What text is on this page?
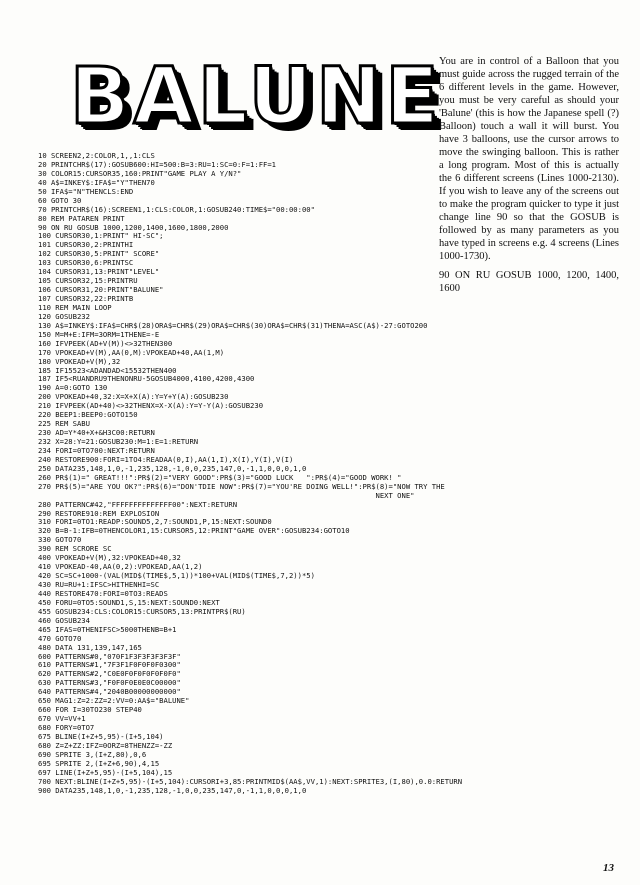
BALUNE

You are in control of a Balloon that you must guide across the rugged terrain of the 6 different levels in the game. However, you must be very careful as should your 'Balune' (this is how the Japanese spell (?) Balloon) touch a wall it will burst. You have 3 balloons, use the cursor arrows to move the swinging balloon. This is rather a long program. Most of this is actually the 6 different screens (Lines 1000-2130). If you wish to leave any of the screens out to make the program quicker to type it just change line 90 so that the GOSUB is followed by as many parameters as you have typed in screens e.g. 4 screens (Lines 1000-1730).

90 ON RU GOSUB 1000, 1200, 1400, 1600

10 SCREEN2,2:COLOR,1,,1:CLS
20 PRINTCHR$(17):GOSUB600:HI=500:B=3:RU=1:SC=0:F=1:FF=1
30 COLOR15:CURSOR35,160:PRINT"GAME PLAY A Y/N?"
40 A$=INKEY$:IFA$="Y"THEN70
50 IFA$="N"THENCLS:END
60 GOTO 30
70 PRINTCHR$(16):SCREEN1,1:CLS:COLOR,1:GOSUB240:TIME$="00:00:00"
80 REM PATAREN PRINT
90 ON RU GOSUB 1000,1200,1400,1600,1800,2000
100 CURSOR30,1:PRINT" HI-SC";
101 CURSOR30,2:PRINTHI
102 CURSOR30,5:PRINT" SCORE"
103 CURSOR30,6:PRINTSC
104 CURSOR31,13:PRINT"LEVEL"
105 CURSOR32,15:PRINTRU
106 CURSOR31,20:PRINT"BALUNE"
107 CURSOR32,22:PRINTB
110 REM MAIN LOOP
120 GOSUB232
130 A$=INKEY$:IFA$=CHR$(28)ORA$=CHR$(29)ORA$=CHR$(30)ORA$=CHR$(31)THENA=ASC(A$)-27:GOTO200
150 M=M+E:IFM=3ORM=1THENE=-E
160 IFVPEEK(AD+V(M))<>32THEN300
170 VPOKEAD+V(M),AA(0,M):VPOKEAD+40,AA(1,M)
180 VPOKEAD+V(M),32
185 IF15523<ADANDAD<15532THEN400
187 IF5<RUANDRU9THENONRU-5GOSUB4000,4100,4200,4300
190 A=0:GOTO 130
200 VPOKEAD+40,32:X=X+X(A):Y=Y+Y(A):GOSUB230
210 IFVPEEK(AD+40)<>32THENX=X-X(A):Y=Y-Y(A):GOSUB230
220 BEEP1:BEEP0:GOTO150
225 REM SABU
230 AD=Y*40+X+&H3C00:RETURN
232 X=28:Y=21:GOSUB230:M=1:E=1:RETURN
234 FORI=0TO700:NEXT:RETURN
240 RESTORE900:FORI=1TO4:READAA(0,I),AA(1,I),X(I),Y(I),V(I)
250 DATA235,148,1,0,-1,235,128,-1,0,0,235,147,0,-1,1,0,0,0,1,0
260 PR$(1)=" GREAT!!!":PR$(2)="VERY GOOD":PR$(3)="GOOD LUCK   ":PR$(4)="GOOD WORK! "
270 PR$(5)="ARE YOU OK?":PR$(6)="DON'TDIE NOW":PR$(7)="YOU'RE DOING WELL!":PR$(8)="NOW TRY THE
NEXT ONE"
280 PATTERNC#42,"FFFFFFFFFFFFFF00":NEXT:RETURN
290 RESTORE910:REM EXPLOSION
310 FORI=0TO1:READP:SOUND5,2,7:SOUND1,P,15:NEXT:SOUND0
320 B=B-1:IFB=0THENCOLOR1,15:CURSOR5,12:PRINT"GAME OVER":GOSUB234:GOTO10
330 GOTO70
390 REM SCRORE SC
400 VPOKEAD+V(M),32:VPOKEAD+40,32
410 VPOKEAD-40,AA(0,2):VPOKEAD,AA(1,2)
420 SC=SC+1000-(VAL(MID$(TIME$,5,1))*100+VAL(MID$(TIME$,7,2))*5)
430 RU=RU+1:IFSC>HITHENHI=SC
440 RESTORE470:FORI=0TO3:READS
450 FORU=0TO5:SOUND1,S,15:NEXT:SOUND0:NEXT
455 GOSUB234:CLS:COLOR15:CURSOR5,13:PRINTPR$(RU)
460 GOSUB234
465 IFAS=0THENIFSC>5000THENB=B+1
470 GOTO70
480 DATA 131,139,147,165
600 PATTERNS#0,"070F1F3F3F3F3F3F"
610 PATTERNS#1,"7F3F1F0F0F0F0300"
620 PATTERNS#2,"C0E0F0F0F0F0F0F0"
630 PATTERNS#3,"F0F0F0E0E0C00000"
640 PATTERNS#4,"2040B00000000000"
650 MAG1:Z=2:ZZ=2:VV=0:AA$="BALUNE"
660 FOR I=30TO230 STEP40
670 VV=VV+1
680 FORY=0TO7
675 BLINE(I+Z+5,95)-(I+5,104)
680 Z=Z+ZZ:IFZ=0ORZ=8THENZZ=-ZZ
690 SPRITE 3,(I+Z,80),0,6
695 SPRITE 2,(I+Z+6,90),4,15
697 LINE(I+Z+5,95)-(I+5,104),15
700 NEXT:BLINE(I+Z+5,95)-(I+5,104):CURSORI+3,85:PRINTMID$(AA$,VV,1):NEXT:SPRITE3,(I,80),0.0:RETURN
900 DATA235,148,1,0,-1,235,128,-1,0,0,235,147,0,-1,1,0,0,0,1,0
13
